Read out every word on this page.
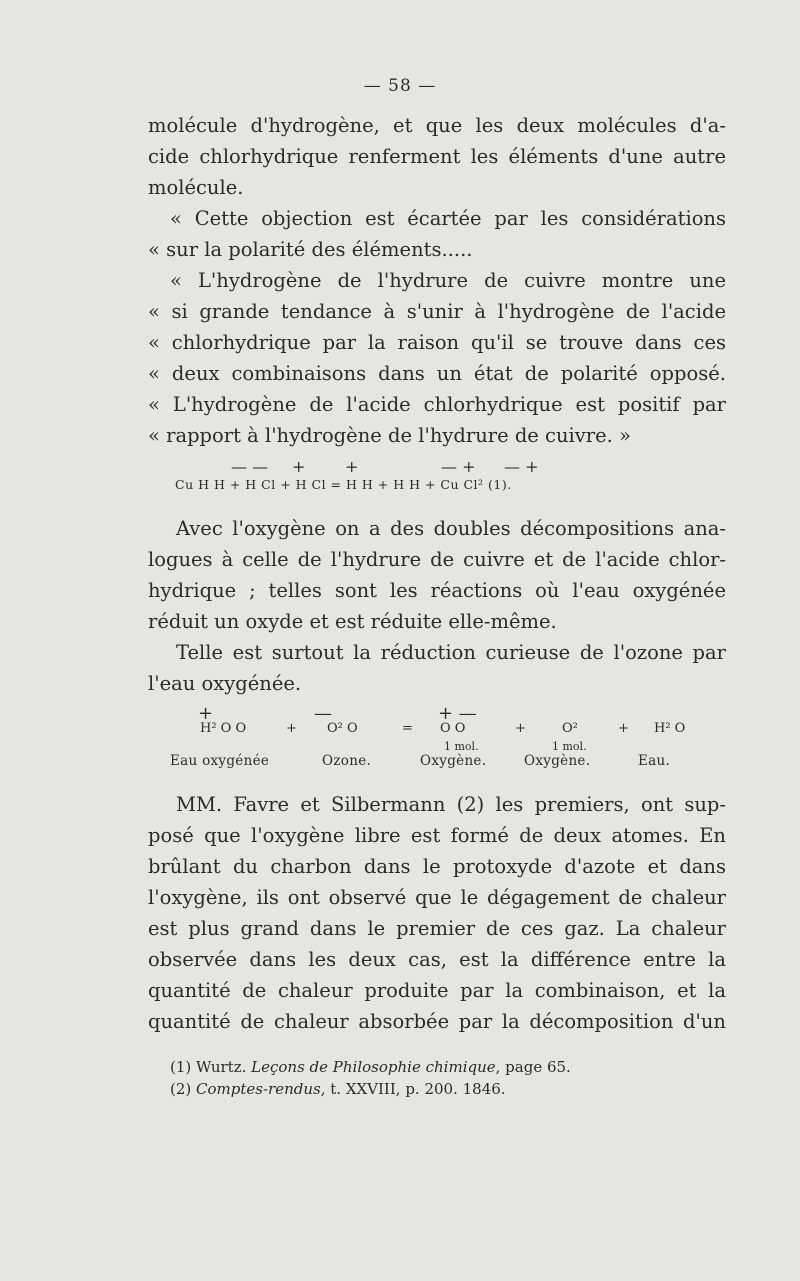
— 58 —

molécule d'hydrogène, et que les deux molécules d'a-

cide chlorhydrique renferment les éléments d'une autre

molécule.

« Cette objection est écartée par les considérations

« sur la polarité des éléments.....

« L'hydrogène de l'hydrure de cuivre montre une

« si grande tendance à s'unir à l'hydrogène de l'acide

« chlorhydrique par la raison qu'il se trouve dans ces

« deux combinaisons dans un état de polarité opposé.

« L'hydrogène de l'acide chlorhydrique est positif par

« rapport à l'hydrogène de l'hydrure de cuivre. »

— — + +	— + — +
Cu H H + H Cl + H Cl = H H + H H + Cu Cl² (1).

Avec l'oxygène on a des doubles décompositions ana-

logues à celle de l'hydrure de cuivre et de l'acide chlor-

hydrique ; telles sont les réactions où l'eau oxygénée

réduit un oxyde et est réduite elle-même.

Telle est surtout la réduction curieuse de l'ozone par

l'eau oxygénée.

+	—	+ —
H² O O	+ O² O	= O O	+	O²	+ H² O
1 mol.	1 mol.
Eau oxygénée	Ozone.	Oxygène.	Oxygène.	Eau.

MM. Favre et Silbermann (2) les premiers, ont sup-

posé que l'oxygène libre est formé de deux atomes. En

brûlant du charbon dans le protoxyde d'azote et dans

l'oxygène, ils ont observé que le dégagement de chaleur

est plus grand dans le premier de ces gaz. La chaleur

observée dans les deux cas, est la différence entre la

quantité de chaleur produite par la combinaison, et la

quantité de chaleur absorbée par la décomposition d'un

(1) Wurtz. Leçons de Philosophie chimique, page 65.
(2) Comptes-rendus, t. XXVIII, p. 200. 1846.
